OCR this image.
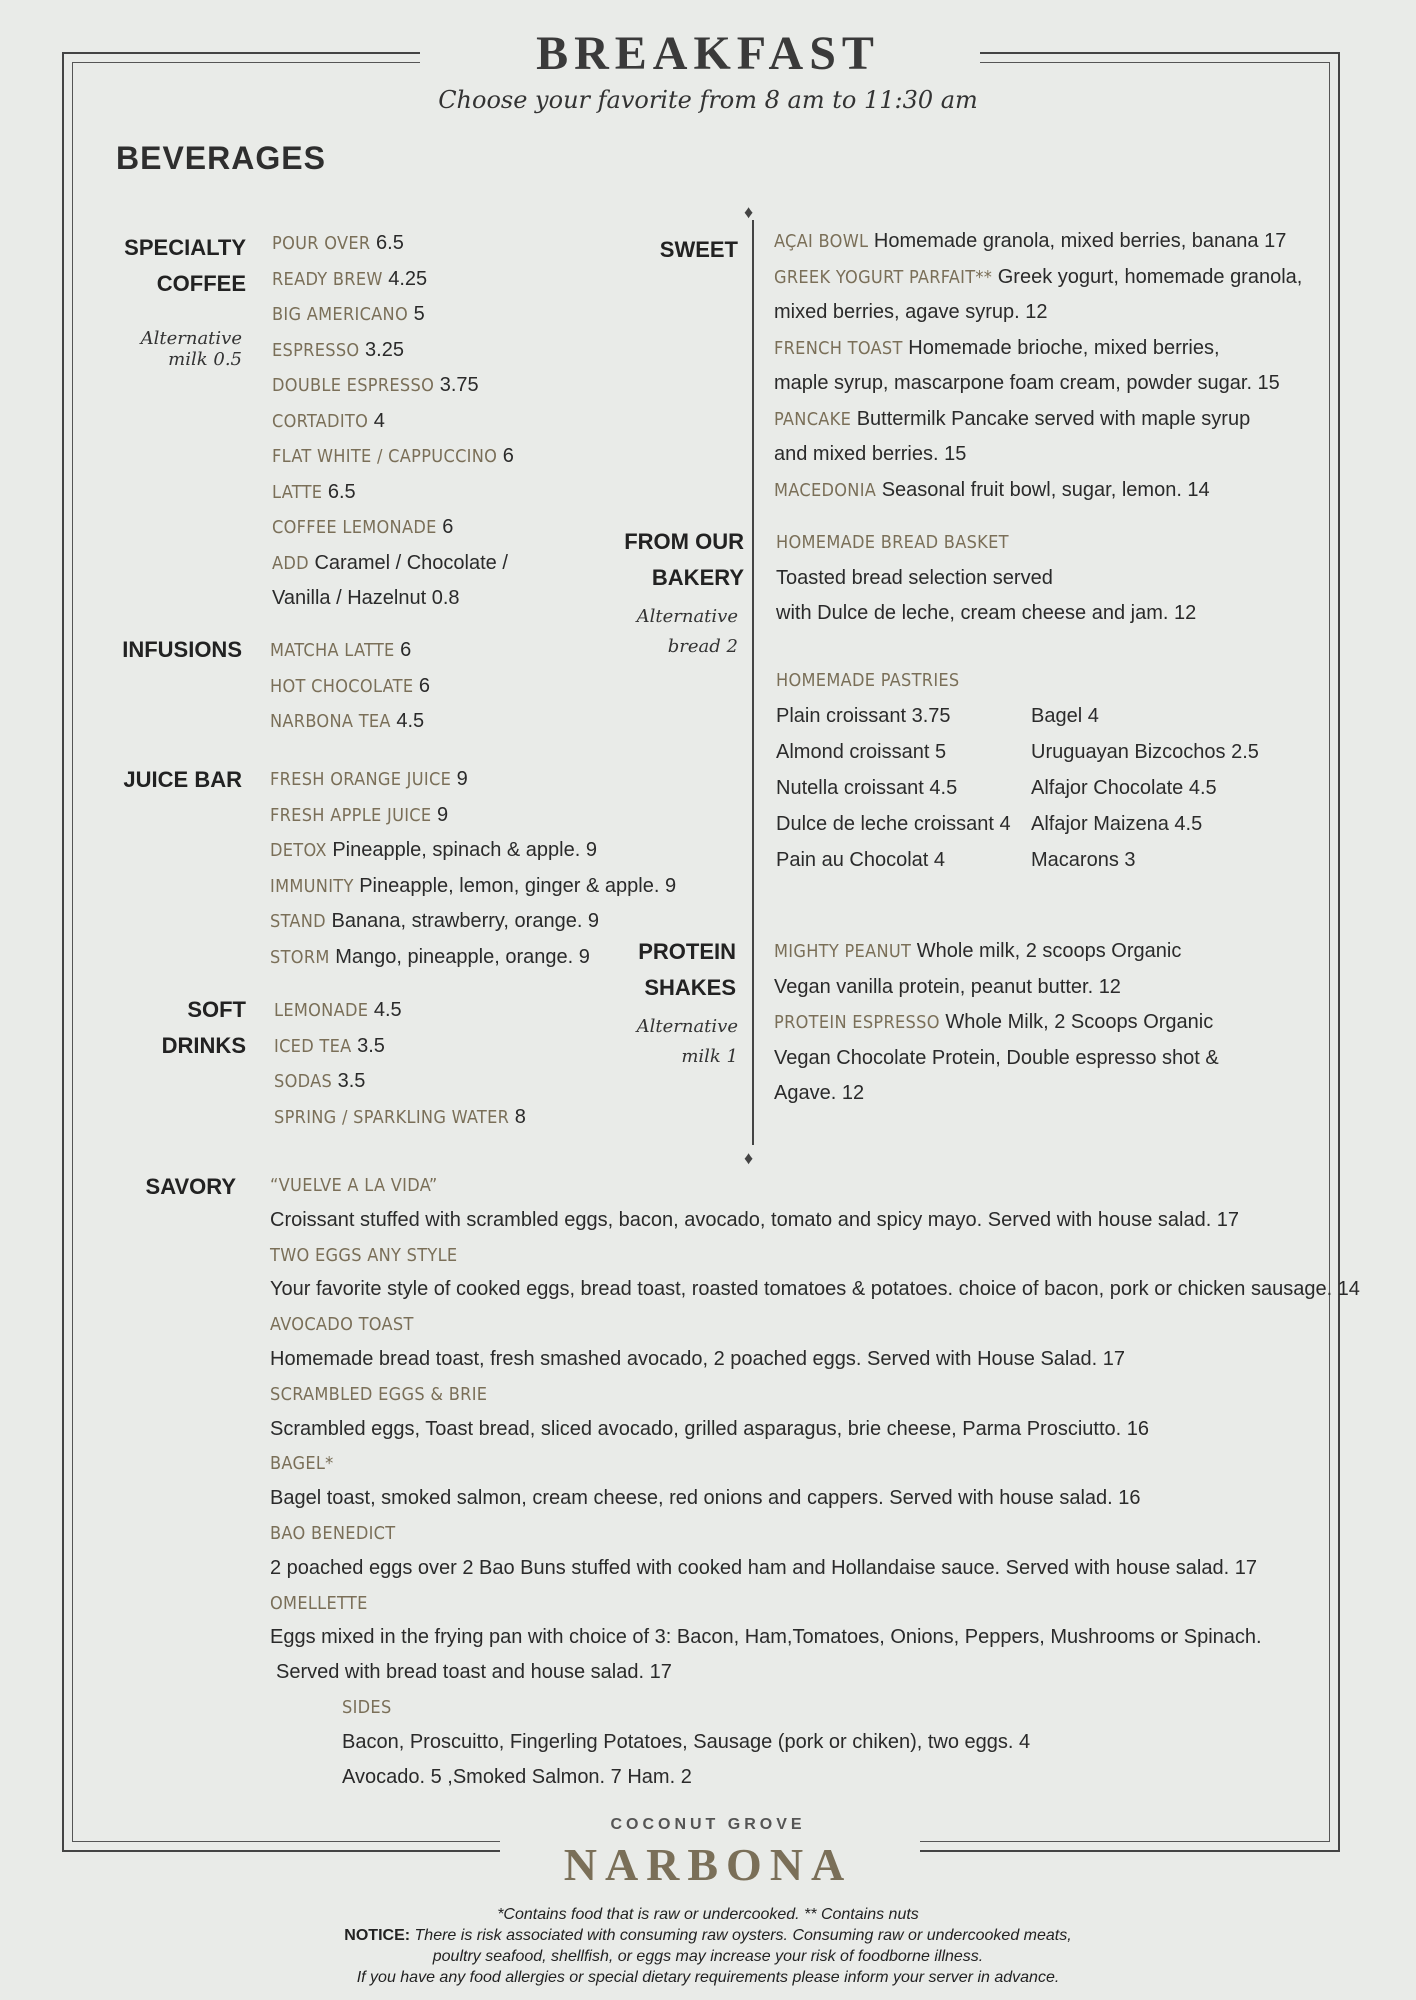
BREAKFAST
Choose your favorite from 8 am to 11:30 am
BEVERAGES
SPECIALTY
COFFEE
Alternative
milk 0.5
POUR OVER 6.5
READY BREW 4.25
BIG AMERICANO 5
ESPRESSO 3.25
DOUBLE ESPRESSO 3.75
CORTADITO 4
FLAT WHITE / CAPPUCCINO 6
LATTE 6.5
COFFEE LEMONADE 6
ADD Caramel / Chocolate /
Vanilla / Hazelnut 0.8
INFUSIONS MATCHA LATTE 6
HOT CHOCOLATE 6
NARBONA TEA 4.5
JUICE BAR FRESH ORANGE JUICE 9
FRESH APPLE JUICE 9
DETOX Pineapple, spinach & apple. 9
IMMUNITY Pineapple, lemon, ginger & apple. 9
STAND Banana, strawberry, orange. 9
STORM Mango, pineapple, orange. 9
SOFT
DRINKS
LEMONADE 4.5
ICED TEA 3.5
SODAS 3.5
SPRING / SPARKLING WATER 8
♦
♦
SWEET AÇAI BOWL Homemade granola, mixed berries, banana 17
GREEK YOGURT PARFAIT** Greek yogurt, homemade granola,
mixed berries, agave syrup. 12
FRENCH TOAST Homemade brioche, mixed berries,
maple syrup, mascarpone foam cream, powder sugar. 15
PANCAKE Buttermilk Pancake served with maple syrup
and mixed berries. 15
MACEDONIA Seasonal fruit bowl, sugar, lemon. 14
FROM OUR
BAKERY
Alternative
bread 2
HOMEMADE BREAD BASKET
Toasted bread selection served
with Dulce de leche, cream cheese and jam. 12
HOMEMADE PASTRIES
Plain croissant 3.75	Bagel 4
Almond croissant 5	Uruguayan Bizcochos 2.5
Nutella croissant 4.5	Alfajor Chocolate 4.5
Dulce de leche croissant 4	Alfajor Maizena 4.5
Pain au Chocolat 4	Macarons 3
PROTEIN
SHAKES
Alternative
milk 1
MIGHTY PEANUT Whole milk, 2 scoops Organic
Vegan vanilla protein, peanut butter. 12
PROTEIN ESPRESSO Whole Milk, 2 Scoops Organic
Vegan Chocolate Protein, Double espresso shot &
Agave. 12
SAVORY “VUELVE A LA VIDA”
Croissant stuffed with scrambled eggs, bacon, avocado, tomato and spicy mayo. Served with house salad. 17
TWO EGGS ANY STYLE
Your favorite style of cooked eggs, bread toast, roasted tomatoes & potatoes. choice of bacon, pork or chicken sausage. 14
AVOCADO TOAST
Homemade bread toast, fresh smashed avocado, 2 poached eggs. Served with House Salad. 17
SCRAMBLED EGGS & BRIE
Scrambled eggs, Toast bread, sliced avocado, grilled asparagus, brie cheese, Parma Prosciutto. 16
BAGEL*
Bagel toast, smoked salmon, cream cheese, red onions and cappers. Served with house salad. 16
BAO BENEDICT
2 poached eggs over 2 Bao Buns stuffed with cooked ham and Hollandaise sauce. Served with house salad. 17
OMELLETTE
Eggs mixed in the frying pan with choice of 3: Bacon, Ham,Tomatoes, Onions, Peppers, Mushrooms or Spinach.
Served with bread toast and house salad. 17
SIDES
Bacon, Proscuitto, Fingerling Potatoes, Sausage (pork or chiken), two eggs. 4
Avocado. 5 ,Smoked Salmon. 7 Ham. 2
COCONUT GROVE
NARBONA
*Contains food that is raw or undercooked. ** Contains nuts
NOTICE: There is risk associated with consuming raw oysters. Consuming raw or undercooked meats,
poultry seafood, shellfish, or eggs may increase your risk of foodborne illness.
If you have any food allergies or special dietary requirements please inform your server in advance.
